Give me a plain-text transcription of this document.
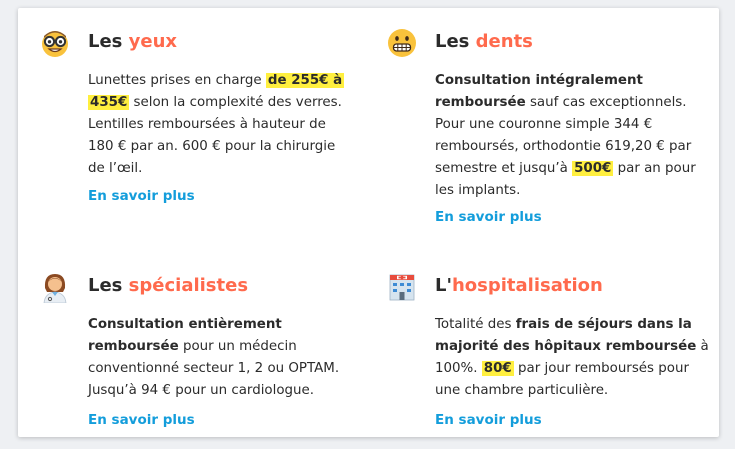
Les yeux
Lunettes prises en charge de 255€ à
435€ selon la complexité des verres.
Lentilles remboursées à hauteur de
180 € par an. 600 € pour la chirurgie
de l’œil.
En savoir plus
Les dents
Consultation intégralement
remboursée sauf cas exceptionnels.
Pour une couronne simple 344 €
remboursés, orthodontie 619,20 € par
semestre et jusqu’à 500€ par an pour
les implants.
En savoir plus
Les spécialistes
Consultation entièrement
remboursée pour un médecin
conventionné secteur 1, 2 ou OPTAM.
Jusqu’à 94 € pour un cardiologue.
En savoir plus
L'hospitalisation
Totalité des frais de séjours dans la
majorité des hôpitaux remboursée à
100%. 80€ par jour remboursés pour
une chambre particulière.
En savoir plus
